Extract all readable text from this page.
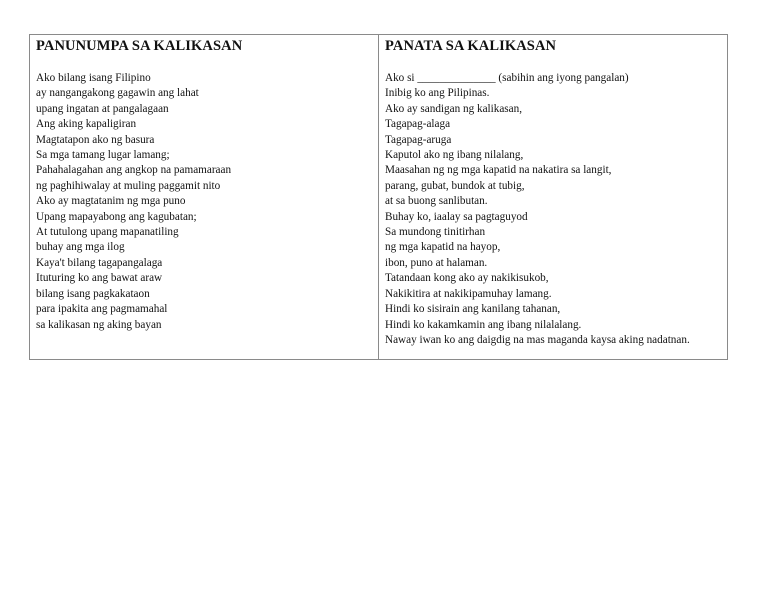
PANUNUMPA SA KALIKASAN
Ako bilang isang Filipino
ay nangangakong gagawin ang lahat
upang ingatan at pangalagaan
Ang aking kapaligiran
Magtatapon ako ng basura
Sa mga tamang lugar lamang;
Pahahalagahan ang angkop na pamamaraan
ng paghihiwalay at muling paggamit nito
Ako ay magtatanim ng mga puno
Upang mapayabong ang kagubatan;
At tutulong upang mapanatiling
buhay ang mga ilog
Kaya't bilang tagapangalaga
Ituturing ko ang bawat araw
bilang isang pagkakataon
para ipakita ang pagmamahal
sa kalikasan ng aking bayan
PANATA SA KALIKASAN
Ako si ______________ (sabihin ang iyong pangalan)
Inibig ko ang Pilipinas.
Ako ay sandigan ng kalikasan,
Tagapag-alaga
Tagapag-aruga
Kaputol ako ng ibang nilalang,
Maasahan ng ng mga kapatid na nakatira sa langit,
parang, gubat, bundok at tubig,
at sa buong sanlibutan.
Buhay ko, iaalay sa pagtaguyod
Sa mundong tinitirhan
ng mga kapatid na hayop,
ibon, puno at halaman.
Tatandaan kong ako ay nakikisukob,
Nakikitira at nakikipamuhay lamang.
Hindi ko sisirain ang kanilang tahanan,
Hindi ko kakamkamin ang ibang nilalalang.
Naway iwan ko ang daigdig na mas maganda kaysa aking nadatnan.
